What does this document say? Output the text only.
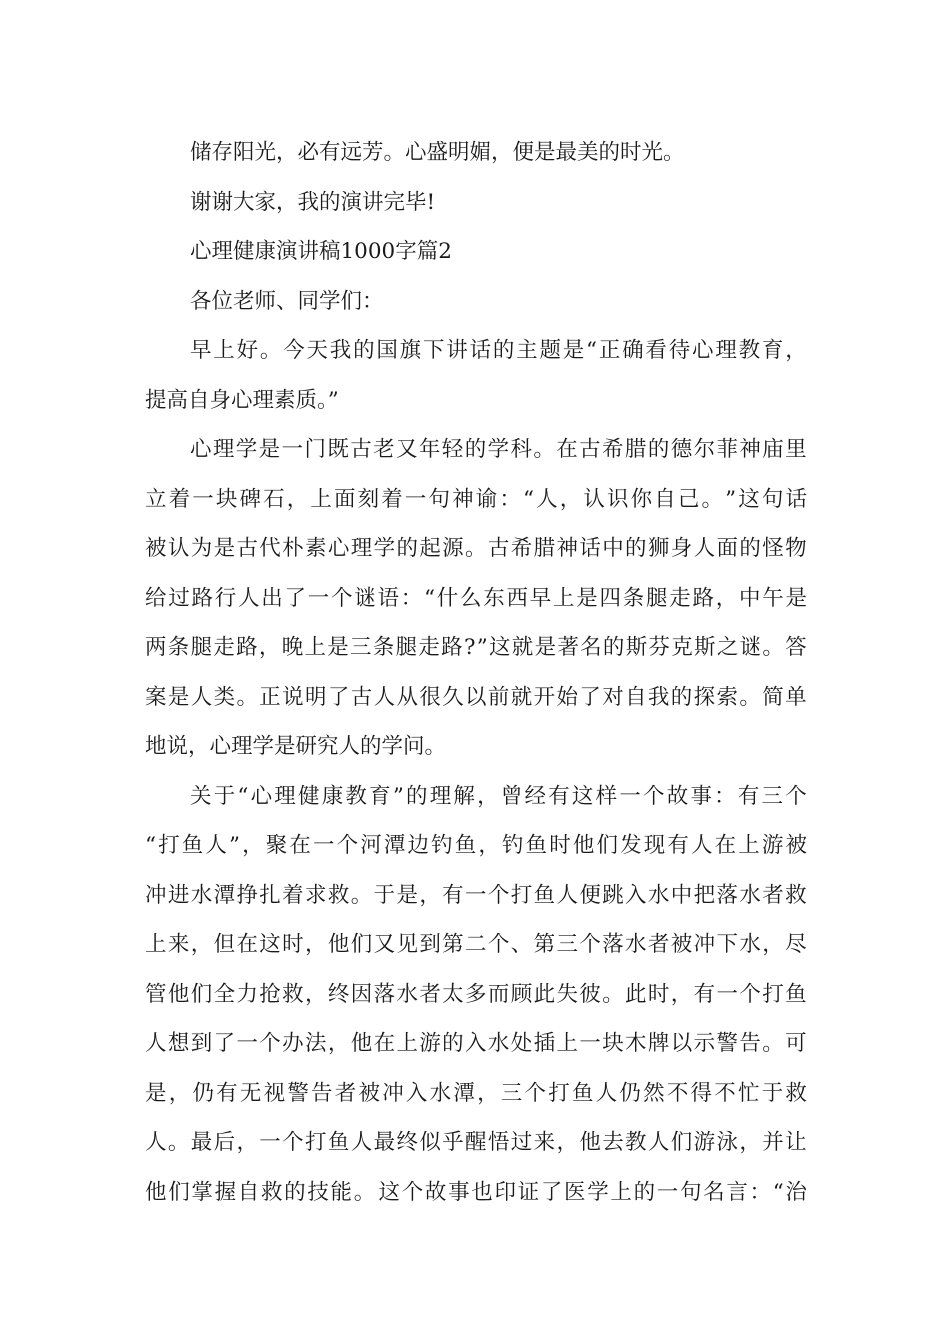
储存阳光，必有远芳。心盛明媚，便是最美的时光。
谢谢大家，我的演讲完毕!
心理健康演讲稿1000字篇2
各位老师、同学们：
早 上 好 。 今 天 我 的 国 旗 下 讲 话 的 主 题 是 “ 正 确 看 待 心 理 教 育 ，
提高自身心理素质。”
心 理 学 是 一 门 既 古 老 又 年 轻 的 学 科 。 在 古 希 腊 的 德 尔 菲 神 庙 里
立 着 一 块 碑 石 ， 上 面 刻 着 一 句 神 谕 ： “ 人 ， 认 识 你 自 己 。 ” 这 句 话
被 认 为 是 古 代 朴 素 心 理 学 的 起 源 。 古 希 腊 神 话 中 的 狮 身 人 面 的 怪 物
给 过 路 行 人 出 了 一 个 谜 语 ： “ 什 么 东 西 早 上 是 四 条 腿 走 路 ， 中 午 是
两 条 腿 走 路 ， 晚 上 是 三 条 腿 走 路 ? ” 这 就 是 著 名 的 斯 芬 克 斯 之 谜 。 答
案 是 人 类 。 正 说 明 了 古 人 从 很 久 以 前 就 开 始 了 对 自 我 的 探 索 。 简 单
地说，心理学是研究人的学问。
关 于 “ 心 理 健 康 教 育 ” 的 理 解 ， 曾 经 有 这 样 一 个 故 事 ： 有 三 个
“ 打 鱼 人 ” ， 聚 在 一 个 河 潭 边 钓 鱼 ， 钓 鱼 时 他 们 发 现 有 人 在 上 游 被
冲 进 水 潭 挣 扎 着 求 救 。 于 是 ， 有 一 个 打 鱼 人 便 跳 入 水 中 把 落 水 者 救
上 来 ， 但 在 这 时 ， 他 们 又 见 到 第 二 个 、 第 三 个 落 水 者 被 冲 下 水 ， 尽
管 他 们 全 力 抢 救 ， 终 因 落 水 者 太 多 而 顾 此 失 彼 。 此 时 ， 有 一 个 打 鱼
人 想 到 了 一 个 办 法 ， 他 在 上 游 的 入 水 处 插 上 一 块 木 牌 以 示 警 告 。 可
是 ， 仍 有 无 视 警 告 者 被 冲 入 水 潭 ， 三 个 打 鱼 人 仍 然 不 得 不 忙 于 救
人 。 最 后 ， 一 个 打 鱼 人 最 终 似 乎 醒 悟 过 来 ， 他 去 教 人 们 游 泳 ， 并 让
他 们 掌 握 自 救 的 技 能 。 这 个 故 事 也 印 证 了 医 学 上 的 一 句 名 言 ： “ 治
